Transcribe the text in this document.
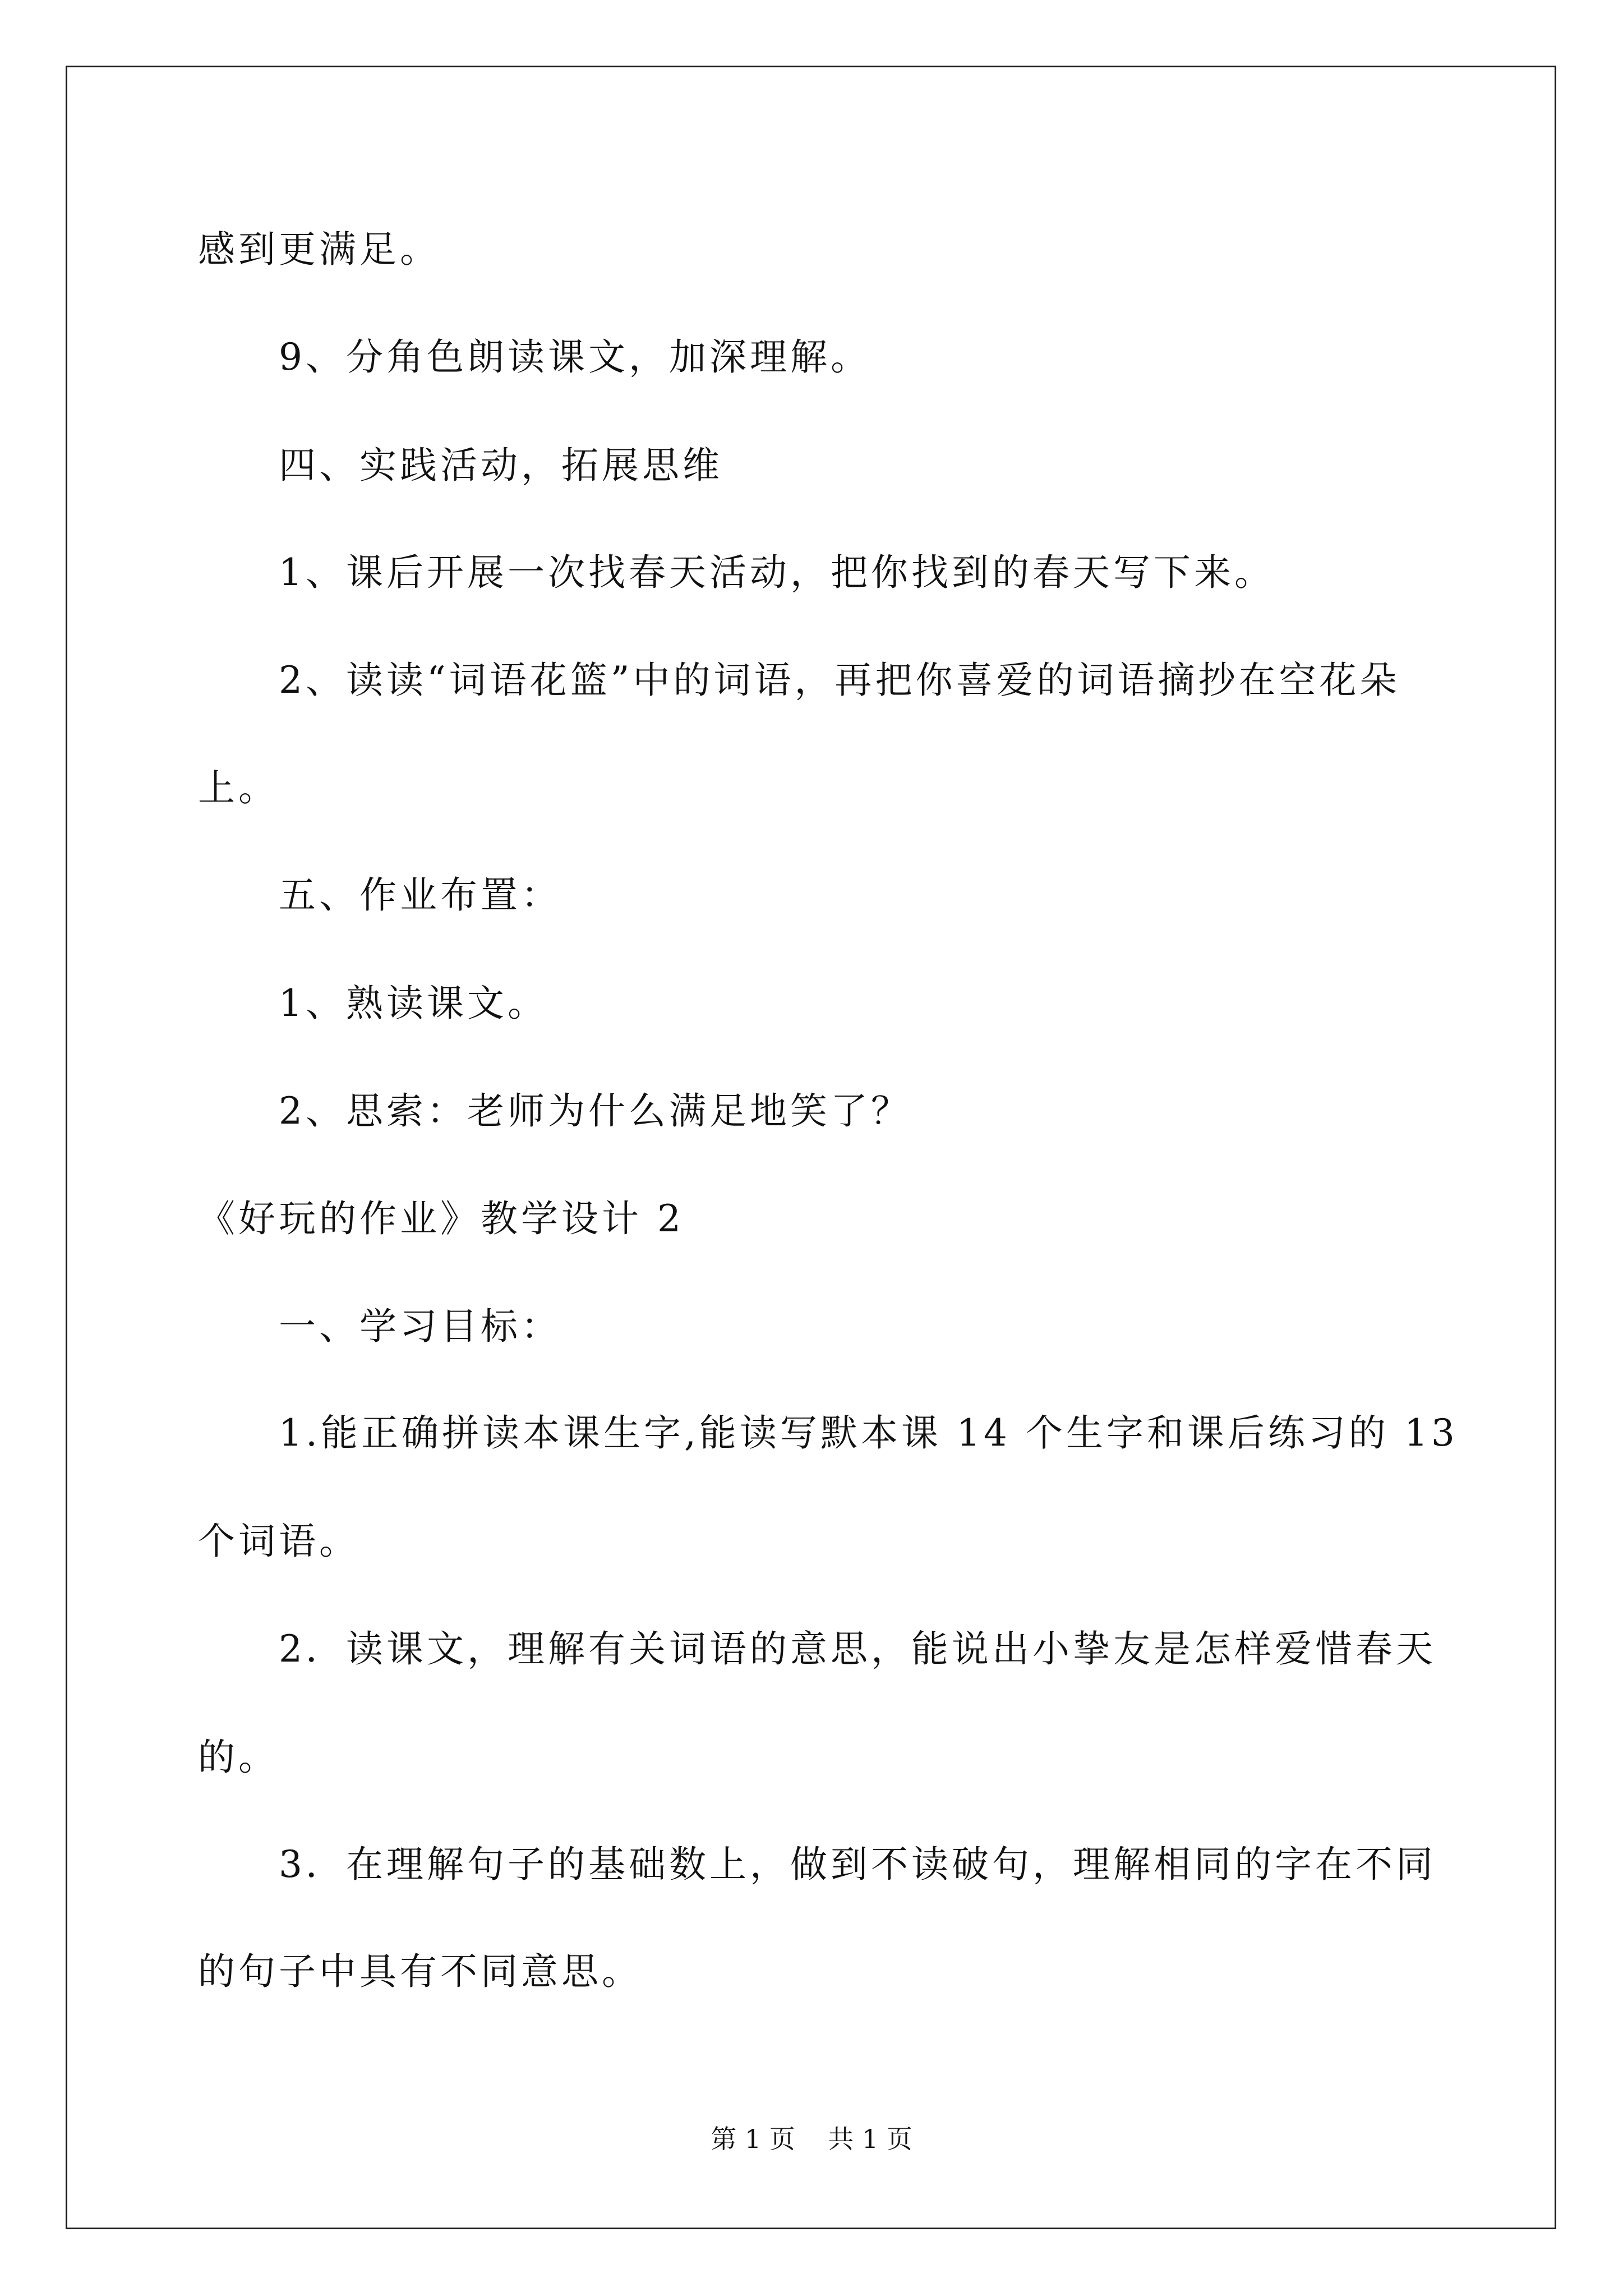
感到更满足。

9、分角色朗读课文，加深理解。

四、实践活动，拓展思维

1、课后开展一次找春天活动，把你找到的春天写下来。

2、读读“词语花篮”中的词语，再把你喜爱的词语摘抄在空花朵

上。

五、作业布置：

1、熟读课文。

2、思索：老师为什么满足地笑了？

《好玩的作业》教学设计 2

一、学习目标：

1.能正确拼读本课生字,能读写默本课 14 个生字和课后练习的 13

个词语。

2．读课文，理解有关词语的意思，能说出小挚友是怎样爱惜春天

的。

3．在理解句子的基础数上，做到不读破句，理解相同的字在不同

的句子中具有不同意思。

第 1 页    共 1 页
